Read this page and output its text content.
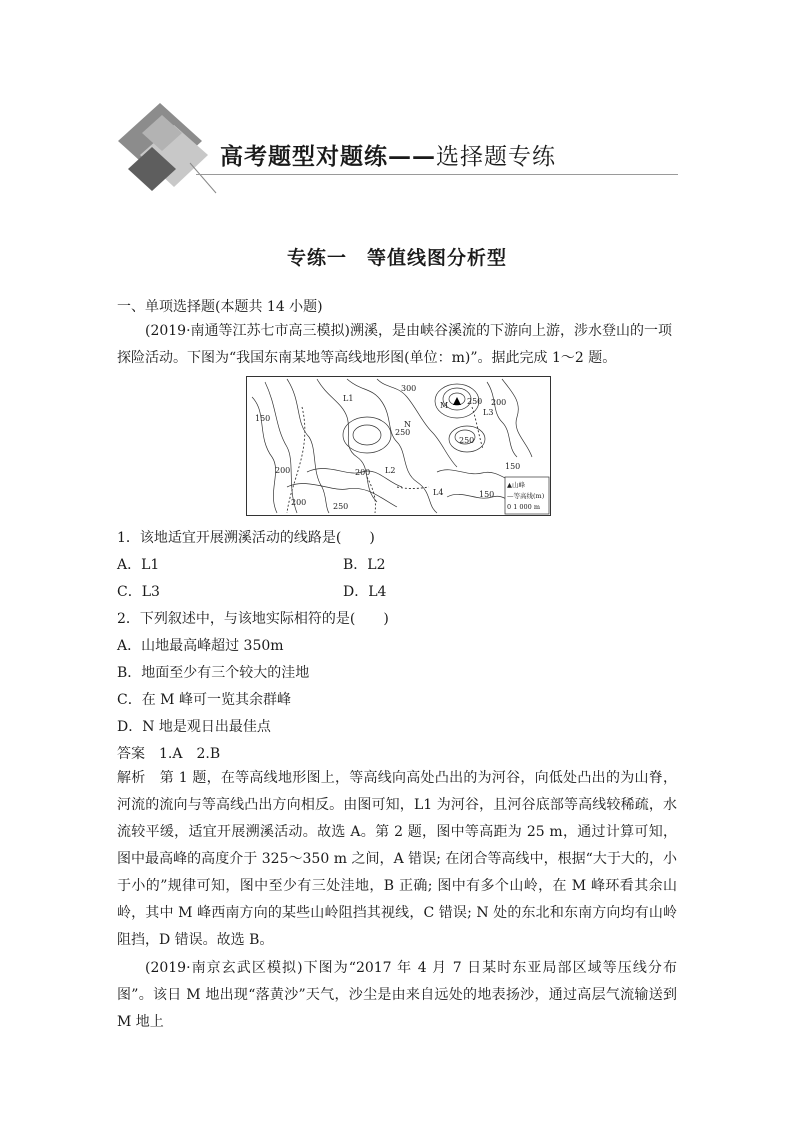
高考题型对题练——选择题专练
专练一　等值线图分析型
一、单项选择题(本题共 14 小题)
(2019·南通等江苏七市高三模拟)溯溪，是由峡谷溪流的下游向上游，涉水登山的一项探险活动。下图为“我国东南某地等高线地形图(单位：m)”。据此完成 1～2 题。
L1
L2
L3
L4
M
N
300
250
250
250
250
200
200	200
200
150
150
150
▲山峰
—等高线(m)
0 1 000 m
1．该地适宜开展溯溪活动的线路是(　　)
A．L1	B．L2
C．L3	D．L4
2．下列叙述中，与该地实际相符的是(　　)
A．山地最高峰超过 350m
B．地面至少有三个较大的洼地
C．在 M 峰可一览其余群峰
D．N 地是观日出最佳点
答案　1.A　2.B
解析　第 1 题，在等高线地形图上，等高线向高处凸出的为河谷，向低处凸出的为山脊，河流的流向与等高线凸出方向相反。由图可知，L1 为河谷，且河谷底部等高线较稀疏，水流较平缓，适宜开展溯溪活动。故选 A。第 2 题，图中等高距为 25 m，通过计算可知，图中最高峰的高度介于 325～350 m 之间，A 错误; 在闭合等高线中，根据“大于大的，小于小的”规律可知，图中至少有三处洼地，B 正确; 图中有多个山岭，在 M 峰环看其余山岭，其中 M 峰西南方向的某些山岭阻挡其视线，C 错误; N 处的东北和东南方向均有山岭阻挡，D 错误。故选 B。
(2019·南京玄武区模拟)下图为“2017 年 4 月 7 日某时东亚局部区域等压线分布图”。该日 M 地出现“落黄沙”天气，沙尘是由来自远处的地表扬沙，通过高层气流输送到 M 地上
